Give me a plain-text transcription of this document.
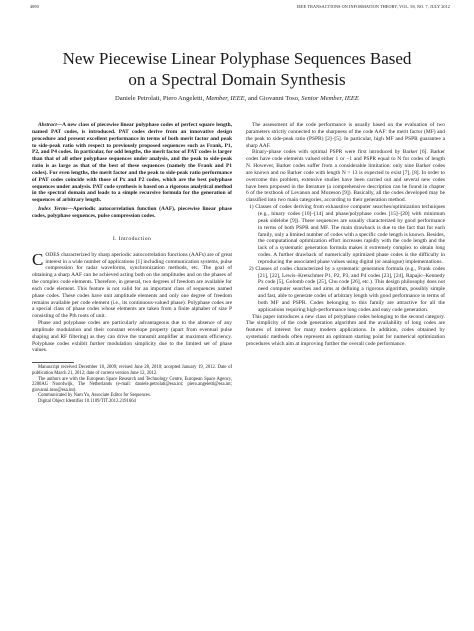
4890	IEEE TRANSACTIONS ON INFORMATION THEORY, VOL. 58, NO. 7, JULY 2012
New Piecewise Linear Polyphase Sequences Based
on a Spectral Domain Synthesis
Daniele Petrolati, Piero Angeletti, Member, IEEE, and Giovanni Toso, Senior Member, IEEE

Abstract—A new class of piecewise linear polyphase codes of perfect square length, named PAT codes, is introduced. PAT codes derive from an innovative design procedure and present excellent performance in terms of both merit factor and peak to side-peak ratio with respect to previously proposed sequences such as Frank, P1, P2, and P4 codes. In particular, for odd lengths, the merit factor of PAT codes is larger than that of all other polyphase sequences under analysis, and the peak to side-peak ratio is as large as that of the best of these sequences (namely the Frank and P1 codes). For even lengths, the merit factor and the peak to side-peak ratio performance of PAT codes coincide with those of Px and P2 codes, which are the best polyphase sequences under analysis. PAT code synthesis is based on a rigorous analytical method in the spectral domain and leads to a simple recursive formula for the generation of sequences of arbitrary length.

Index Terms—Aperiodic autocorrelation function (AAF), piecewise linear phase codes, polyphase sequences, pulse compression codes.

I. Introduction

CODES characterized by sharp aperiodic autocorrelation functions (AAFs) are of great interest in a wide number of applications [1] including communication systems, pulse compression for radar waveforms, synchronization methods, etc. The goal of obtaining a sharp AAF can be achieved acting both on the amplitudes and on the phases of the complex code elements. Therefore, in general, two degrees of freedom are available for each code element. This feature is not valid for an important class of sequences named phase codes. These codes have unit amplitude elements and only one degree of freedom remains available per code element (i.e., its continuous-valued phase). Polyphase codes are a special class of phase codes whose elements are taken from a finite alphabet of size P consisting of the Pth roots of unit.

Phase and polyphase codes are particularly advantageous due to the absence of any amplitude modulation and their constant envelope property (apart from eventual pulse shaping and RF filtering) as they can drive the transmit amplifier at maximum efficiency. Polyphase codes exhibit further modulation simplicity due to the limited set of phase values.

Manuscript received December 18, 2009; revised June 28, 2010; accepted January 19, 2012. Date of publication March 21, 2012; date of current version June 12, 2012.

The authors are with the European Space Research and Technology Centre, European Space Agency, 2200AG Noordwijk, The Netherlands (e-mail: daniele.petrolati@esa.int; piero.angeletti@esa.int; giovanni.toso@esa.int).

Communicated by Nam Yu, Associate Editor for Sequences.

Digital Object Identifier 10.1109/TIT.2012.2191664

The assessment of the code performance is usually based on the evaluation of two parameters strictly connected to the sharpness of the code AAF: the merit factor (MF) and the peak to side-peak ratio (PSPR) [2]–[5]. In particular, high MF and PSPR guarantee a sharp AAF.

Binary-phase codes with optimal PSPR were first introduced by Barker [6]. Barker codes have code elements valued either 1 or −1 and PSPR equal to N for codes of length N. However, Barker codes suffer from a considerable limitation: only nine Barker codes are known and no Barker code with length N > 13 is expected to exist [7], [8]. In order to overcome this problem, extensive studies have been carried out and several new codes have been proposed in the literature (a comprehensive description can be found in chapter 6 of the textbook of Levanon and Mozeson [9]). Basically, all the codes developed may be classified into two main categories, according to their generation method.

1) Classes of codes deriving from exhaustive computer searches/optimization techniques (e.g., binary codes [10]–[14] and phase/polyphase codes [15]–[20] with minimum peak sidelobe [9]). These sequences are usually characterized by good performance in terms of both PSPR and MF. The main drawback is due to the fact that for each family, only a limited number of codes with a specific code length is known. Besides, the computational optimization effort increases rapidly with the code length and the lack of a systematic generation formula makes it extremely complex to obtain long codes. A further drawback of numerically optimized phase codes is the difficulty in reproducing the associated phase values using digital (or analogue) implementations.

2) Classes of codes characterized by a systematic generation formula (e.g., Frank codes [21], [22], Lewis–Kretschmer P1, P2, P3, and P4 codes [23], [24], Rapajic–Kennedy Px code [5], Golomb code [25], Chu code [26], etc.). This design philosophy does not need computer searches and aims at defining a rigorous algorithm, possibly simple and fast, able to generate codes of arbitrary length with good performance in terms of both MF and PSPR. Codes belonging to this family are attractive for all the applications requiring high-performance long codes and easy code generation.

This paper introduces a new class of polyphase codes belonging to the second category. The simplicity of the code generation algorithm and the availability of long codes are features of interest for many modern applications. In addition, codes obtained by systematic methods often represent an optimum starting point for numerical optimization procedures which aim at improving further the overall code performance.
